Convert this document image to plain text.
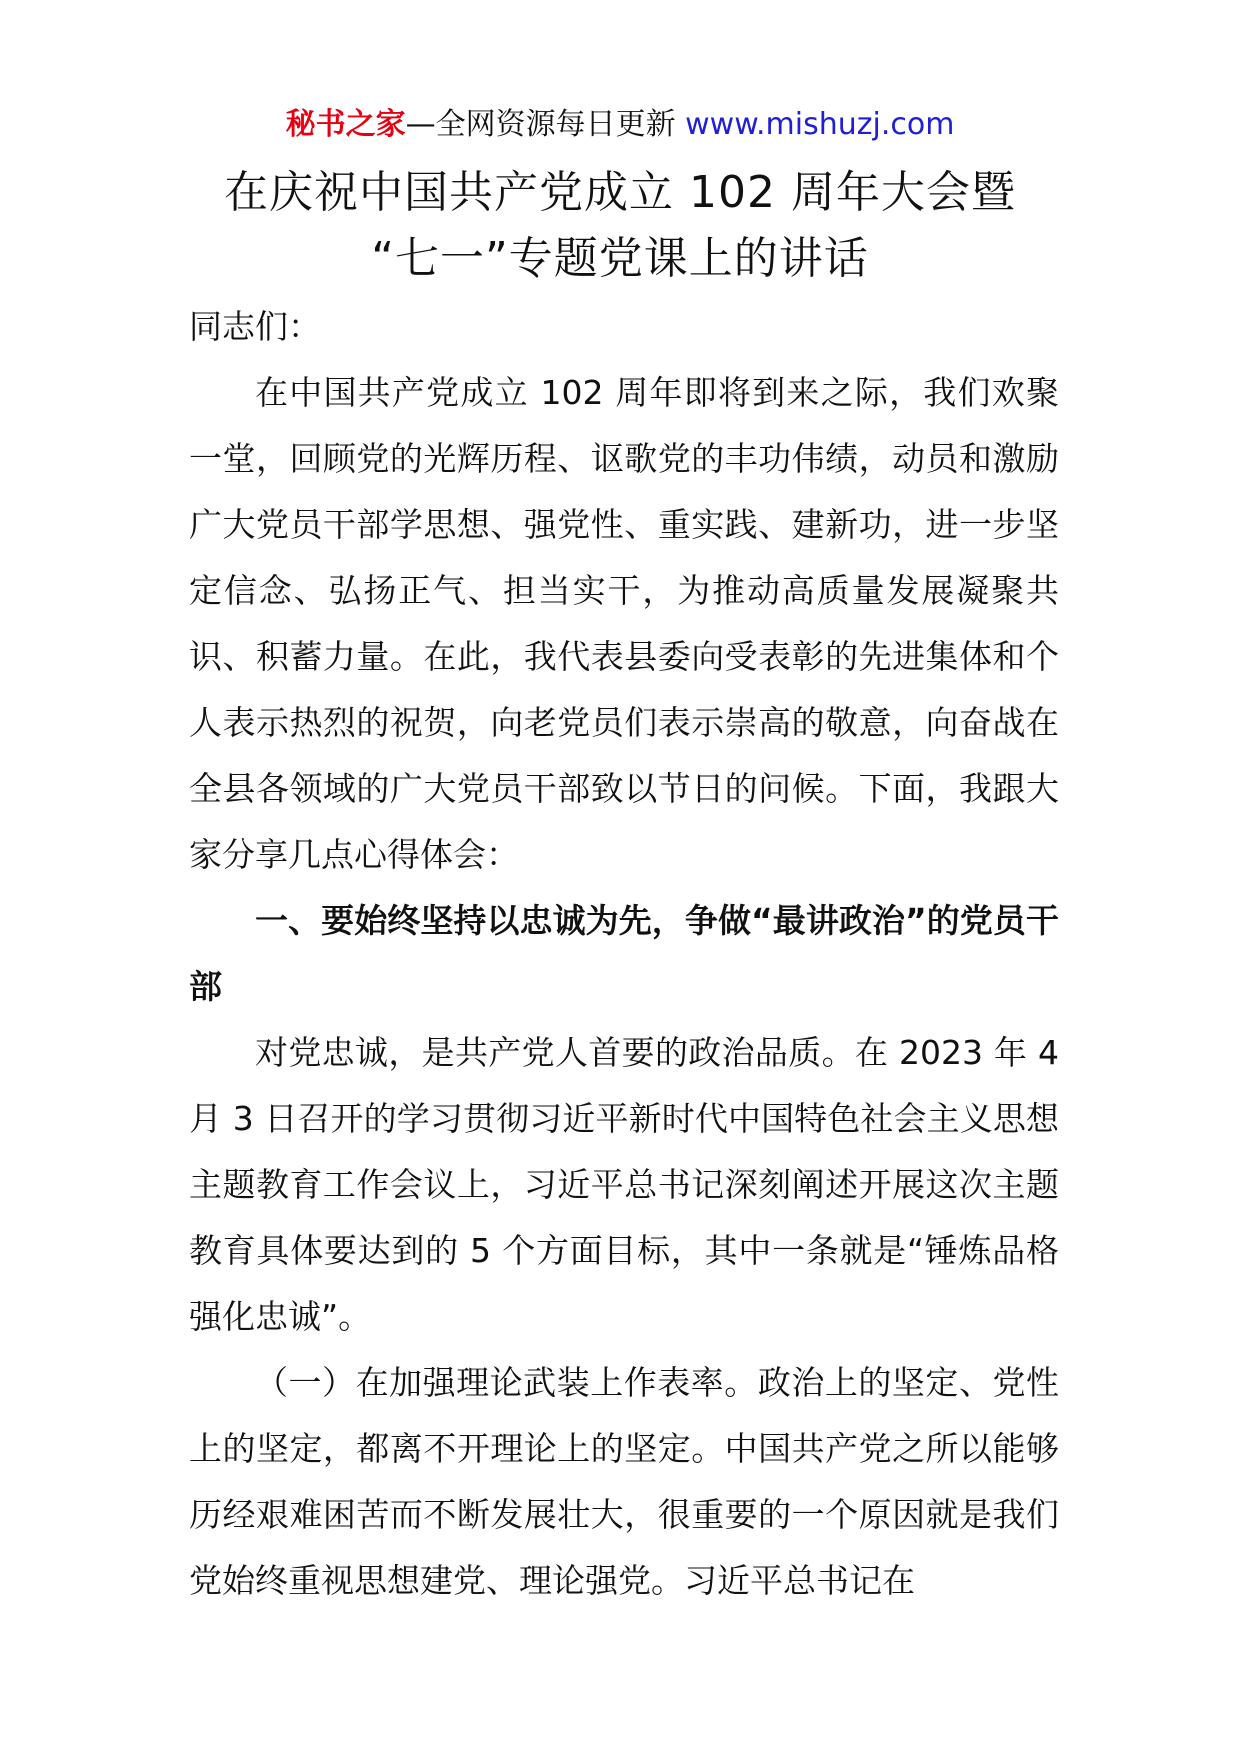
秘书之家—全网资源每日更新 www.mishuzj.com
在庆祝中国共产党成立 102 周年大会暨
“七一”专题党课上的讲话

同志们：

在中国共产党成立 102 周年即将到来之际，我们欢聚一堂，回顾党的光辉历程、讴歌党的丰功伟绩，动员和激励广大党员干部学思想、强党性、重实践、建新功，进一步坚定信念、弘扬正气、担当实干，为推动高质量发展凝聚共识、积蓄力量。在此，我代表县委向受表彰的先进集体和个人表示热烈的祝贺，向老党员们表示崇高的敬意，向奋战在全县各领域的广大党员干部致以节日的问候。下面，我跟大家分享几点心得体会：

一、要始终坚持以忠诚为先，争做“最讲政治”的党员干部

对党忠诚，是共产党人首要的政治品质。在 2023 年 4 月 3 日召开的学习贯彻习近平新时代中国特色社会主义思想主题教育工作会议上，习近平总书记深刻阐述开展这次主题教育具体要达到的 5 个方面目标，其中一条就是“锤炼品格强化忠诚”。

（一）在加强理论武装上作表率。政治上的坚定、党性上的坚定，都离不开理论上的坚定。中国共产党之所以能够历经艰难困苦而不断发展壮大，很重要的一个原因就是我们党始终重视思想建党、理论强党。习近平总书记在
